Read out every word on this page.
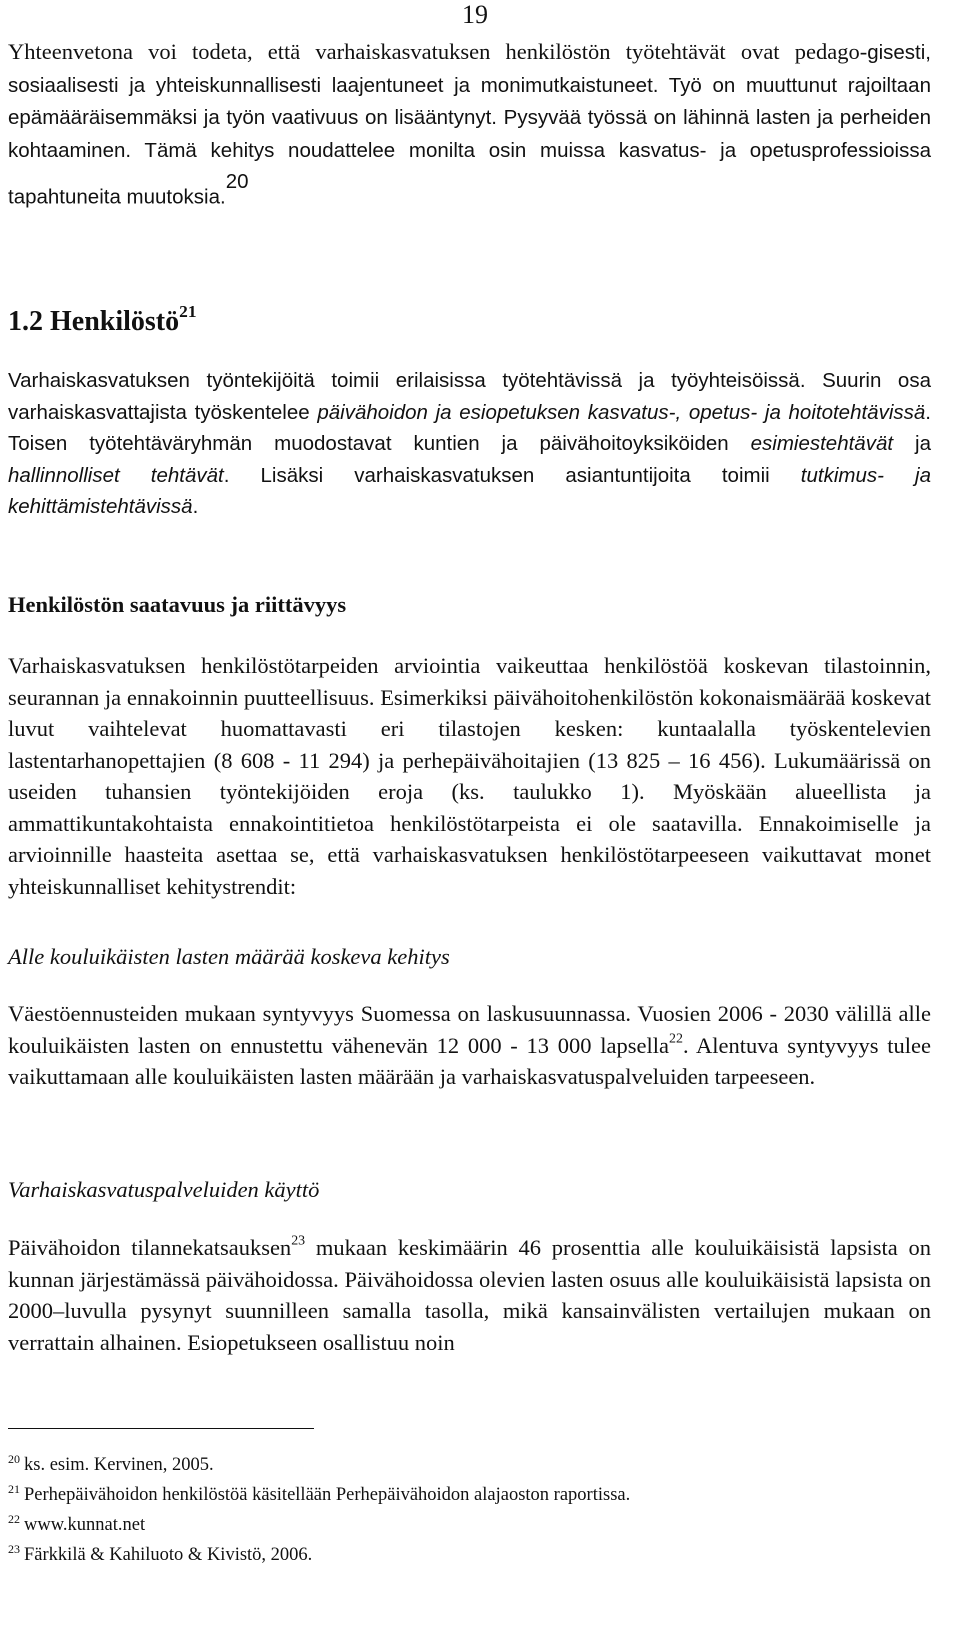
19

Yhteenvetona voi todeta, että varhaiskasvatuksen henkilöstön työtehtävät ovat pedago-gisesti, sosiaalisesti ja yhteiskunnallisesti laajentuneet ja monimutkaistuneet. Työ on muuttunut rajoiltaan epämääräisemmäksi ja työn vaativuus on lisääntynyt. Pysyvää työssä on lähinnä lasten ja perheiden kohtaaminen. Tämä kehitys noudattelee monilta osin muissa kasvatus- ja opetusprofessioissa tapahtuneita muutoksia.$^{20}$

1.2 Henkilöstö$^{21}$

Varhaiskasvatuksen työntekijöitä toimii erilaisissa työtehtävissä ja työyhteisöissä. Suurin osa varhaiskasvattajista työskentelee päivähoidon ja esiopetuksen kasvatus-, opetus- ja hoitotehtävissä. Toisen työtehtäväryhmän muodostavat kuntien ja päivähoitoyksiköiden esimiestehtävät ja hallinnolliset tehtävät. Lisäksi varhaiskasvatuksen asiantuntijoita toimii tutkimus- ja kehittämistehtävissä.

Henkilöstön saatavuus ja riittävyys

Varhaiskasvatuksen henkilöstötarpeiden arviointia vaikeuttaa henkilöstöä koskevan tilastoinnin, seurannan ja ennakoinnin puutteellisuus. Esimerkiksi päivähoitohenkilöstön kokonaismäärää koskevat luvut vaihtelevat huomattavasti eri tilastojen kesken: kuntaalalla työskentelevien lastentarhanopettajien (8 608 - 11 294) ja perhepäivähoitajien (13 825 – 16 456). Lukumäärissä on useiden tuhansien työntekijöiden eroja (ks. taulukko 1). Myöskään alueellista ja ammattikuntakohtaista ennakointitietoa henkilöstötarpeista ei ole saatavilla. Ennakoimiselle ja arvioinnille haasteita asettaa se, että varhaiskasvatuksen henkilöstötarpeeseen vaikuttavat monet yhteiskunnalliset kehitystrendit:

Alle kouluikäisten lasten määrää koskeva kehitys

Väestöennusteiden mukaan syntyvyys Suomessa on laskusuunnassa. Vuosien 2006 - 2030 välillä alle kouluikäisten lasten on ennustettu vähenevän 12 000 - 13 000 lapsella$^{22}$. Alentuva syntyvyys tulee vaikuttamaan alle kouluikäisten lasten määrään ja varhaiskasvatuspalveluiden tarpeeseen.

Varhaiskasvatuspalveluiden käyttö

Päivähoidon tilannekatsauksen$^{23}$ mukaan keskimäärin 46 prosenttia alle kouluikäisistä lapsista on kunnan järjestämässä päivähoidossa. Päivähoidossa olevien lasten osuus alle kouluikäisistä lapsista on 2000–luvulla pysynyt suunnilleen samalla tasolla, mikä kansainvälisten vertailujen mukaan on verrattain alhainen. Esiopetukseen osallistuu noin

$^{20}$ ks. esim. Kervinen, 2005.
$^{21}$ Perhepäivähoidon henkilöstöä käsitellään Perhepäivähoidon alajaoston raportissa.
$^{22}$ www.kunnat.net
$^{23}$ Färkkilä & Kahiluoto & Kivistö, 2006.
